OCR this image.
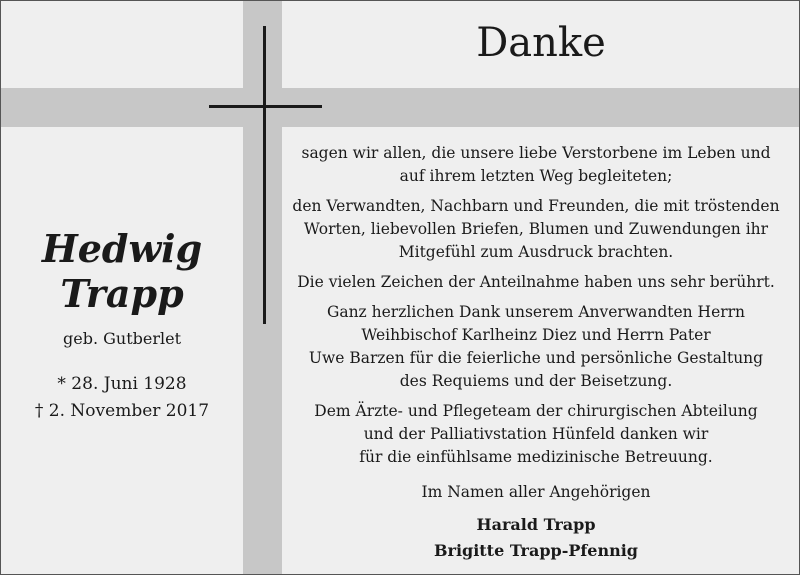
Danke
Hedwig
Trapp
geb. Gutberlet
* 28. Juni 1928
† 2. November 2017

sagen wir allen, die unsere liebe Verstorbene im Leben und
auf ihrem letzten Weg begleiteten;

den Verwandten, Nachbarn und Freunden, die mit tröstenden
Worten, liebevollen Briefen, Blumen und Zuwendungen ihr
Mitgefühl zum Ausdruck brachten.

Die vielen Zeichen der Anteilnahme haben uns sehr berührt.

Ganz herzlichen Dank unserem Anverwandten Herrn
Weihbischof Karlheinz Diez und Herrn Pater
Uwe Barzen für die feierliche und persönliche Gestaltung
des Requiems und der Beisetzung.

Dem Ärzte- und Pflegeteam der chirurgischen Abteilung
und der Palliativstation Hünfeld danken wir
für die einfühlsame medizinische Betreuung.

Im Namen aller Angehörigen

Harald Trapp
Brigitte Trapp-Pfennig
